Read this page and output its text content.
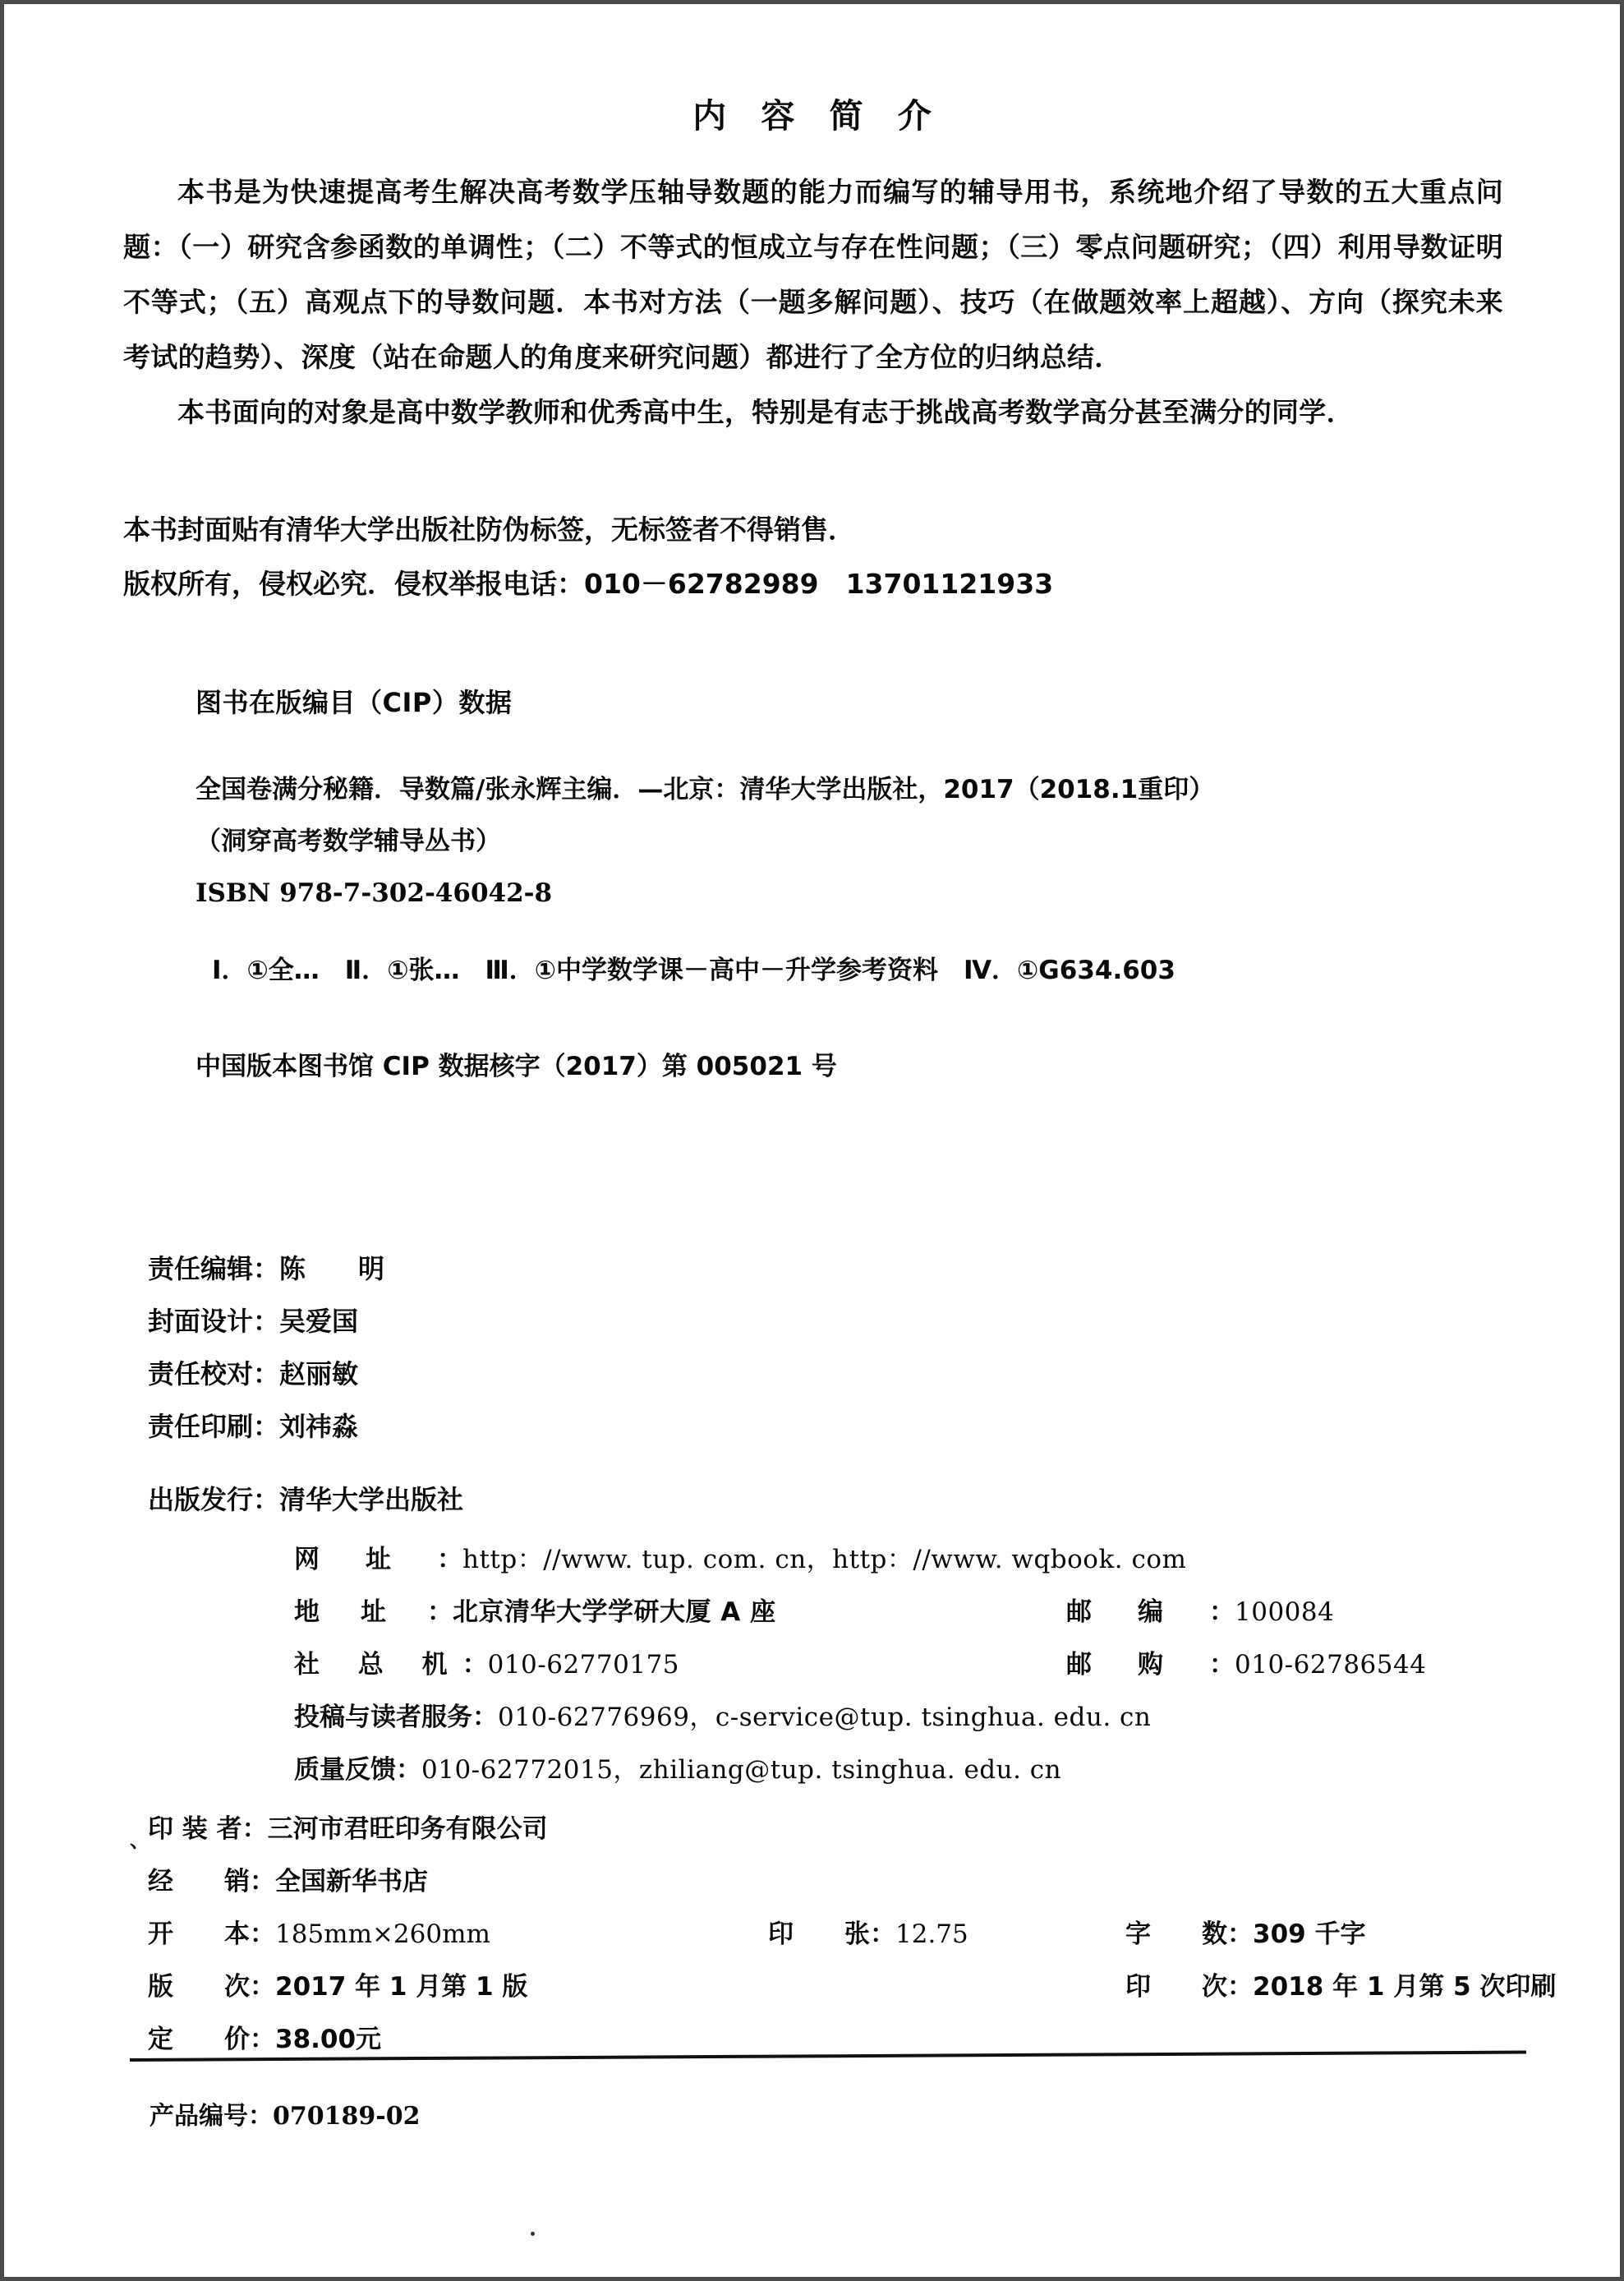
内 容 简 介

本书是为快速提高考生解决高考数学压轴导数题的能力而编写的辅导用书，系统地介绍了导数的五大重点问题：（一）研究含参函数的单调性；（二）不等式的恒成立与存在性问题；（三）零点问题研究；（四）利用导数证明不等式；（五）高观点下的导数问题．本书对方法（一题多解问题）、技巧（在做题效率上超越）、方向（探究未来考试的趋势）、深度（站在命题人的角度来研究问题）都进行了全方位的归纳总结．

本书面向的对象是高中数学教师和优秀高中生，特别是有志于挑战高考数学高分甚至满分的同学．

本书封面贴有清华大学出版社防伪标签，无标签者不得销售．
版权所有，侵权必究．侵权举报电话：010－62782989　13701121933
图书在版编目（CIP）数据
全国卷满分秘籍．导数篇/张永辉主编．—北京：清华大学出版社，2017（2018.1重印）
（洞穿高考数学辅导丛书）
ISBN 978-7-302-46042-8
Ⅰ．①全…　Ⅱ．①张…　Ⅲ．①中学数学课－高中－升学参考资料　Ⅳ．①G634.603
中国版本图书馆 CIP 数据核字（2017）第 005021 号
责任编辑：陈　　明
封面设计：吴爱国
责任校对：赵丽敏
责任印刷：刘祎淼
出版发行：清华大学出版社
网址：http：//www. tup. com. cn，http：//www. wqbook. com
地址：北京清华大学学研大厦 A 座	邮编：100084
社 总 机：010-62770175	邮购：010-62786544
投稿与读者服务：010-62776969，c-service@tup. tsinghua. edu. cn
质量反馈：010-62772015，zhiliang@tup. tsinghua. edu. cn
、
印 装 者：三河市君旺印务有限公司
经　　销：全国新华书店
开　　本：185mm×260mm	印　　张：12.75	字　　数：309 千字
版　　次：2017 年 1 月第 1 版	印　　次：2018 年 1 月第 5 次印刷
定　　价：38.00元
产品编号：070189-02
